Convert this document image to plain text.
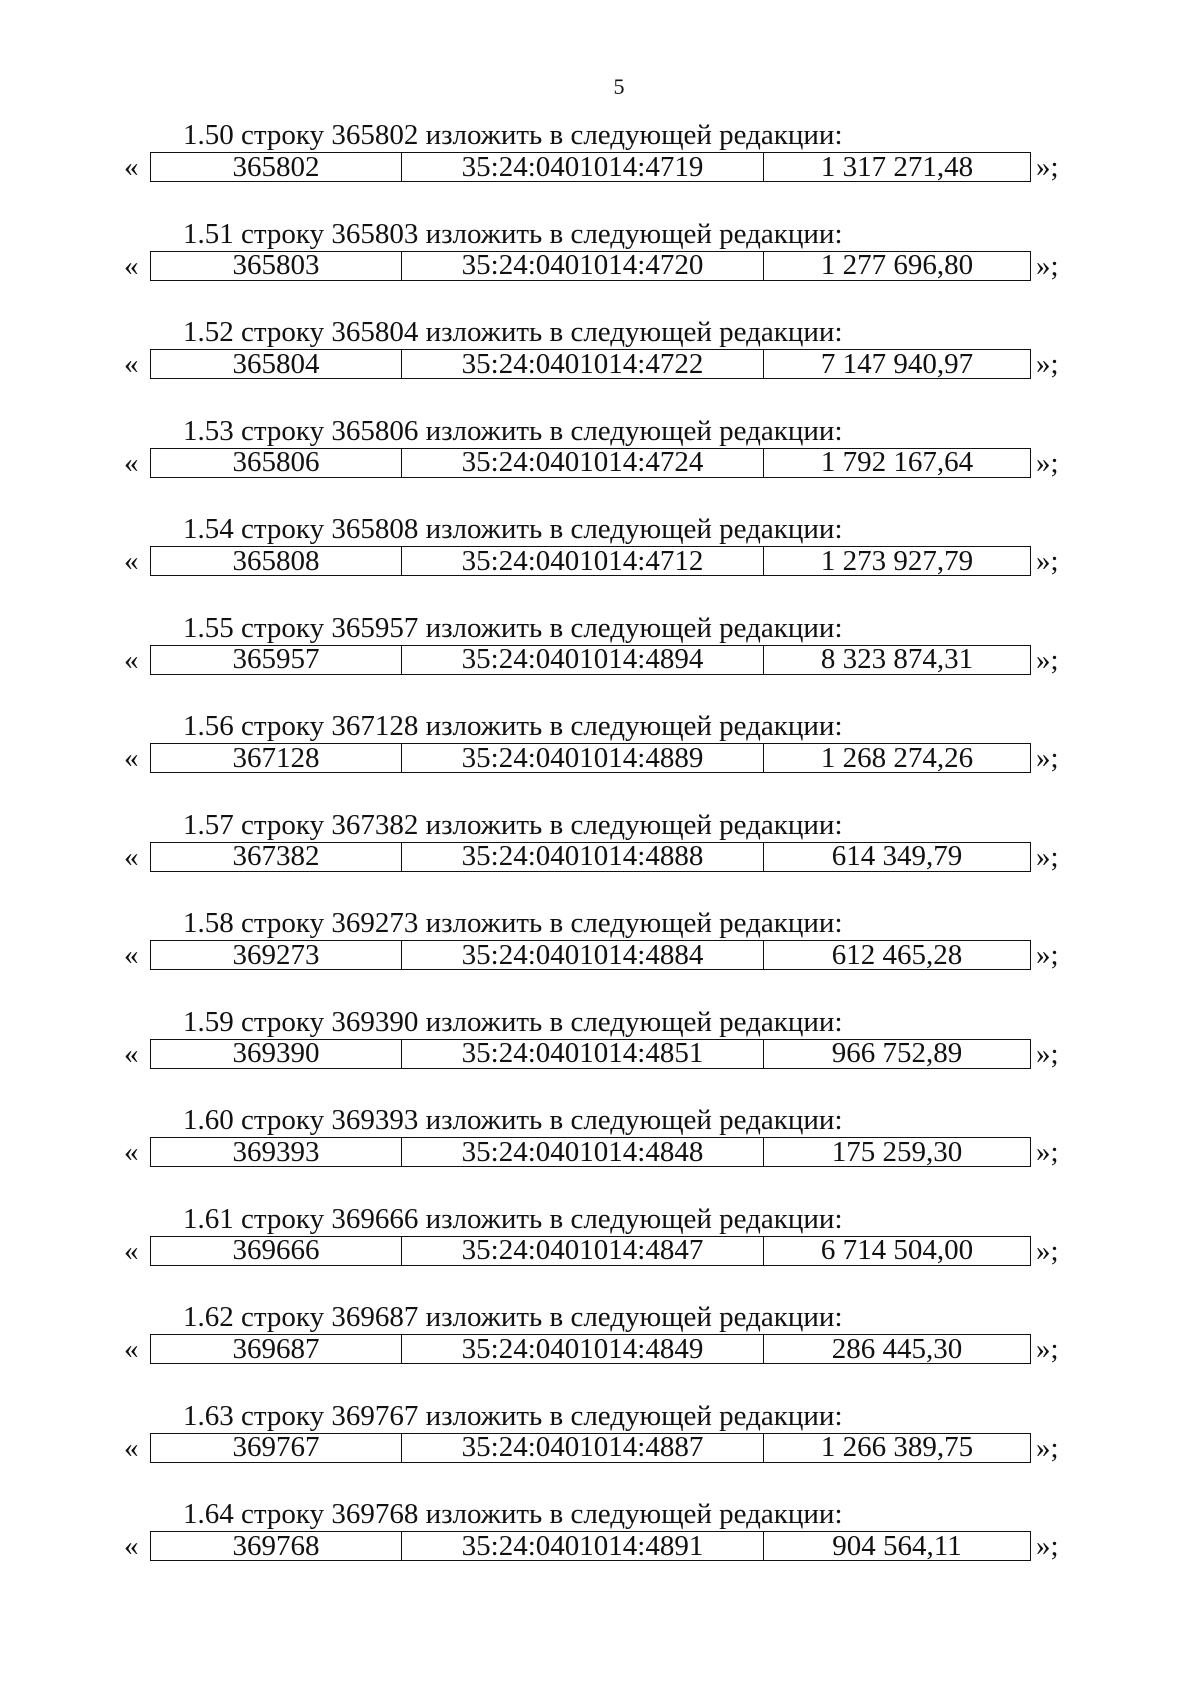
5
1.50 строку 365802 изложить в следующей редакции:
«	365802	35:24:0401014:4719	1 317 271,48 »;
1.51 строку 365803 изложить в следующей редакции:
«	365803	35:24:0401014:4720	1 277 696,80 »;
1.52 строку 365804 изложить в следующей редакции:
«	365804	35:24:0401014:4722	7 147 940,97 »;
1.53 строку 365806 изложить в следующей редакции:
«	365806	35:24:0401014:4724	1 792 167,64 »;
1.54 строку 365808 изложить в следующей редакции:
«	365808	35:24:0401014:4712	1 273 927,79 »;
1.55 строку 365957 изложить в следующей редакции:
«	365957	35:24:0401014:4894	8 323 874,31 »;
1.56 строку 367128 изложить в следующей редакции:
«	367128	35:24:0401014:4889	1 268 274,26 »;
1.57 строку 367382 изложить в следующей редакции:
«	367382	35:24:0401014:4888	614 349,79	»;
1.58 строку 369273 изложить в следующей редакции:
«	369273	35:24:0401014:4884	612 465,28	»;
1.59 строку 369390 изложить в следующей редакции:
«	369390	35:24:0401014:4851	966 752,89	»;
1.60 строку 369393 изложить в следующей редакции:
«	369393	35:24:0401014:4848	175 259,30	»;
1.61 строку 369666 изложить в следующей редакции:
«	369666	35:24:0401014:4847	6 714 504,00 »;
1.62 строку 369687 изложить в следующей редакции:
«	369687	35:24:0401014:4849	286 445,30	»;
1.63 строку 369767 изложить в следующей редакции:
«	369767	35:24:0401014:4887	1 266 389,75 »;
1.64 строку 369768 изложить в следующей редакции:
«	369768	35:24:0401014:4891	904 564,11	»;
